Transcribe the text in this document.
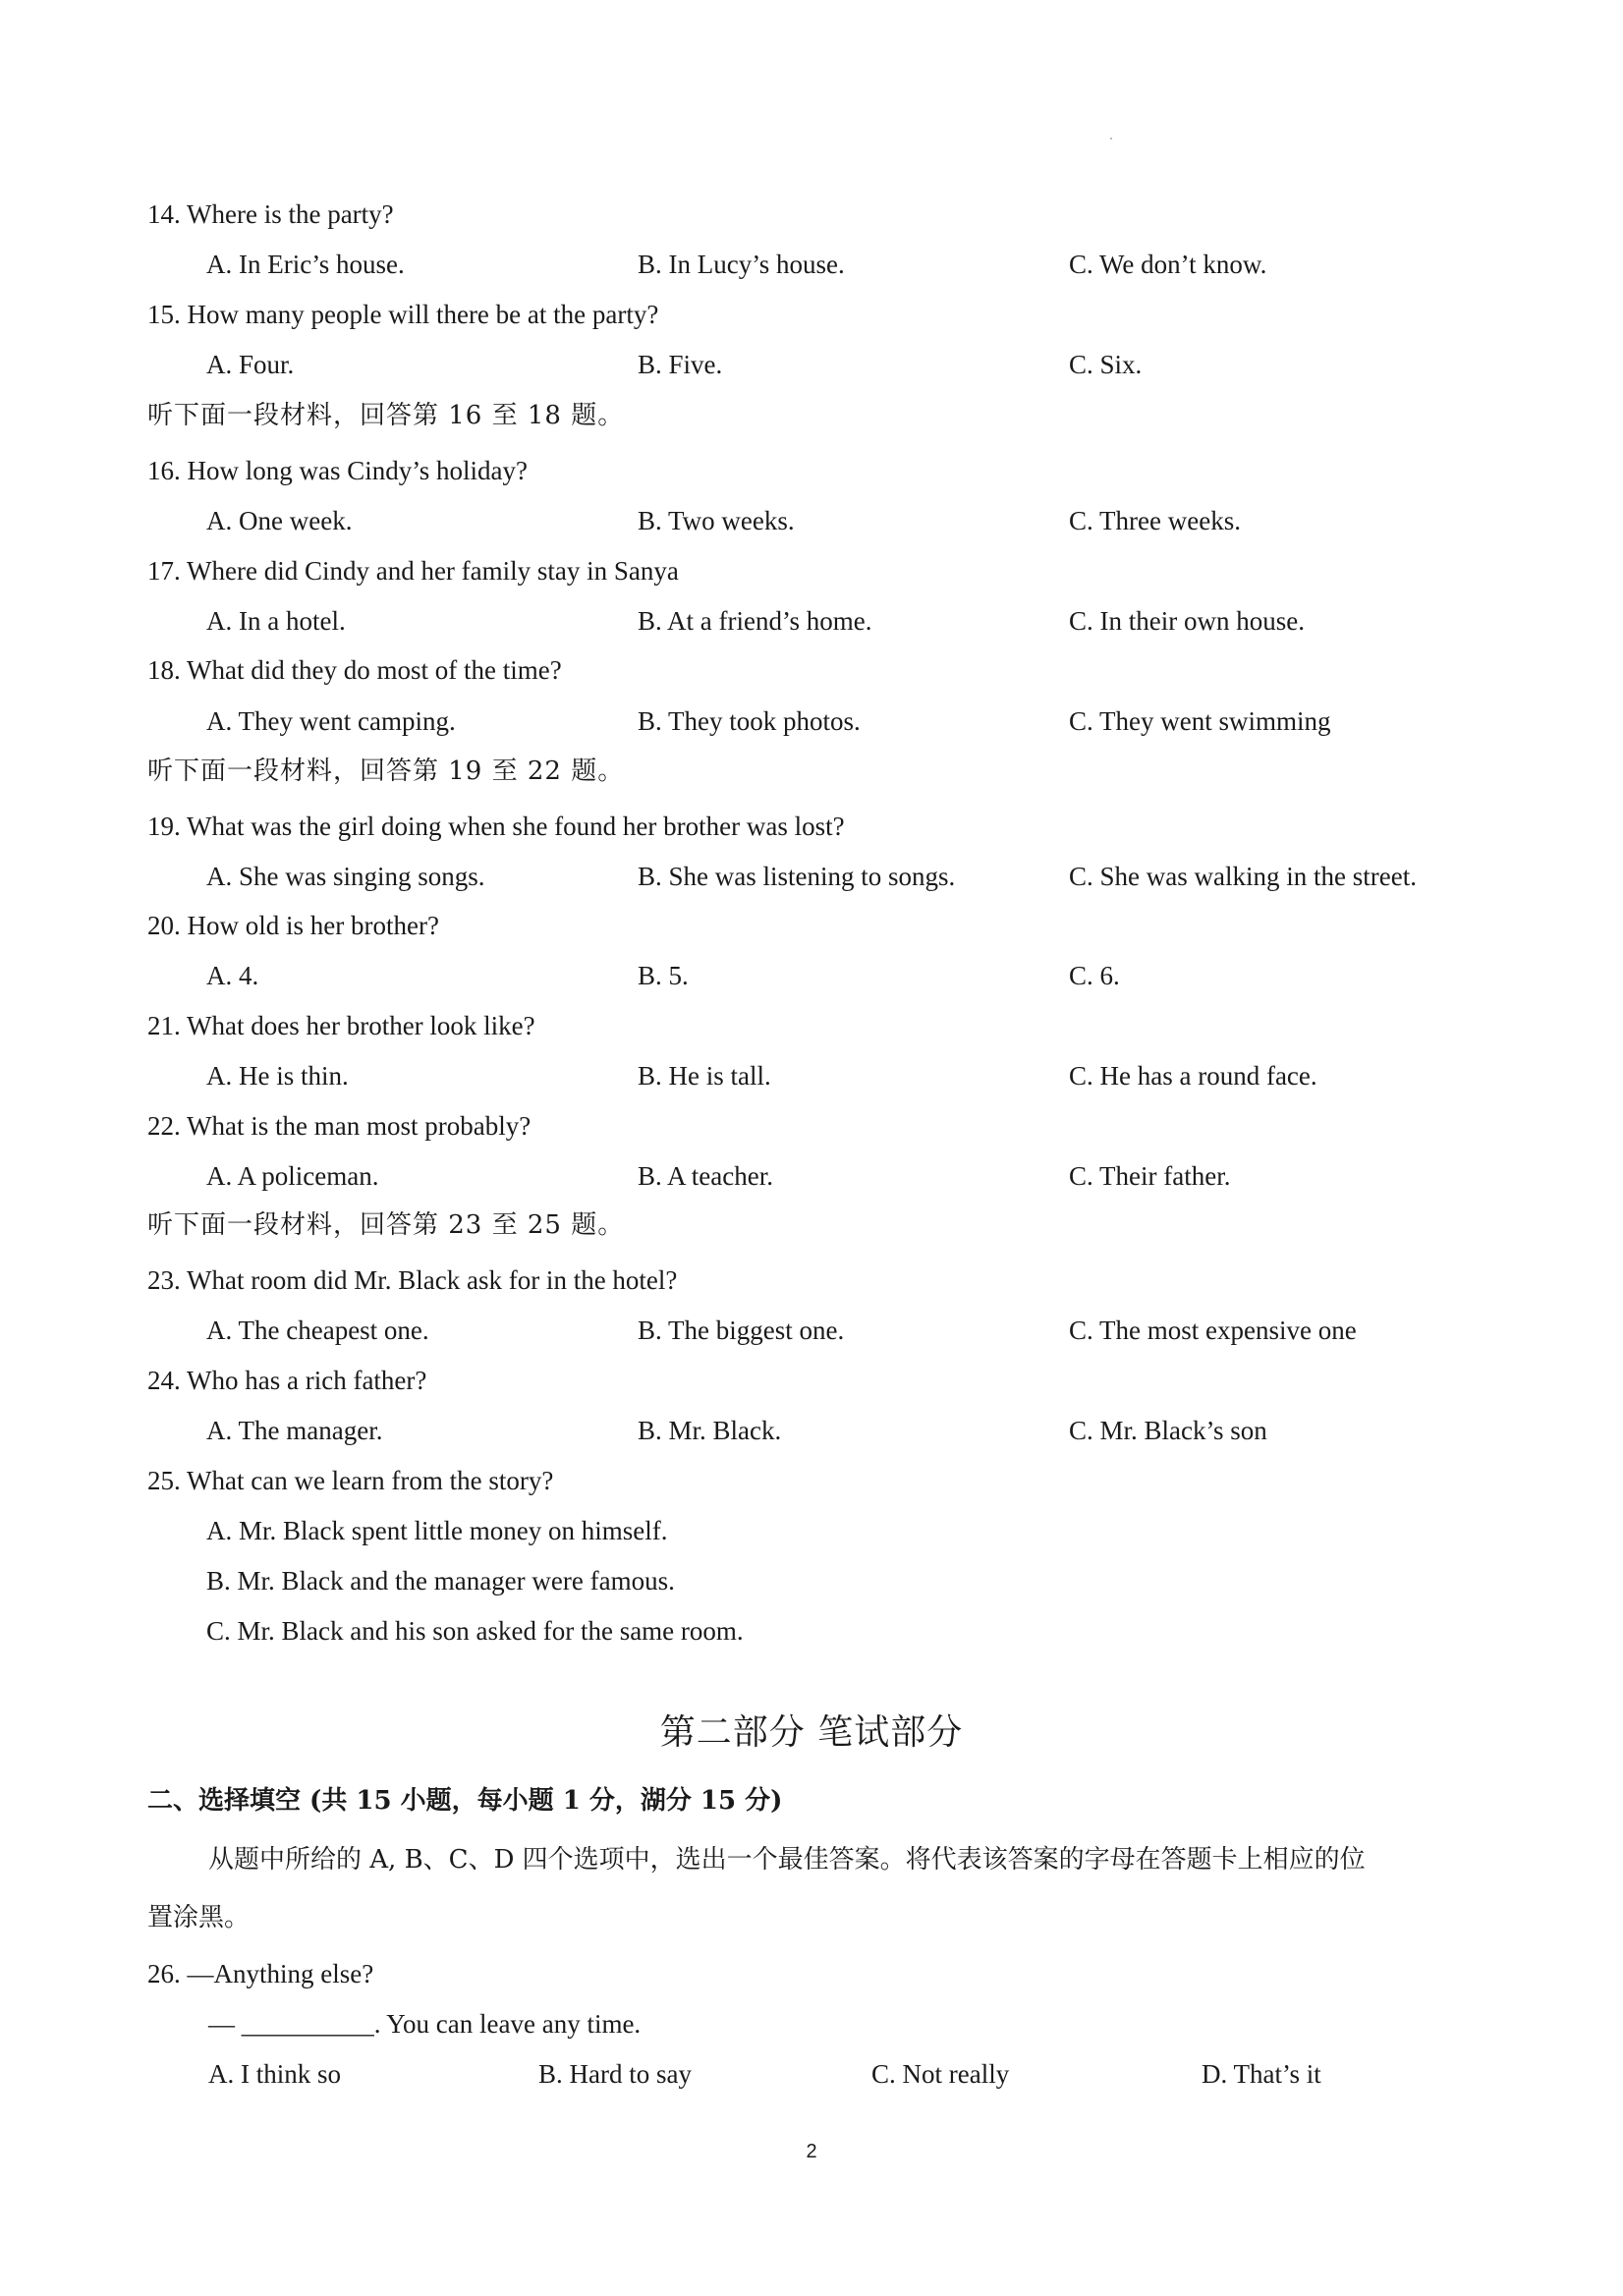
14. Where is the party?
A. In Eric’s house.	B. In Lucy’s house.	C. We don’t know.
15. How many people will there be at the party?
A. Four.	B. Five.	C. Six.
听下面一段材料，回答第 16 至 18 题。
16. How long was Cindy’s holiday?
A. One week.	B. Two weeks.	C. Three weeks.
17. Where did Cindy and her family stay in Sanya
A. In a hotel.	B. At a friend’s home.	C. In their own house.
18. What did they do most of the time?
A. They went camping.	B. They took photos.	C. They went swimming
听下面一段材料，回答第 19 至 22 题。
19. What was the girl doing when she found her brother was lost?
A. She was singing songs.	B. She was listening to songs.	C. She was walking in the street.
20. How old is her brother?
A. 4.	B. 5.	C. 6.
21. What does her brother look like?
A. He is thin.	B. He is tall.	C. He has a round face.
22. What is the man most probably?
A. A policeman.	B. A teacher.	C. Their father.
听下面一段材料，回答第 23 至 25 题。
23. What room did Mr. Black ask for in the hotel?
A. The cheapest one.	B. The biggest one.	C. The most expensive one
24. Who has a rich father?
A. The manager.	B. Mr. Black.	C. Mr. Black’s son
25. What can we learn from the story?
A. Mr. Black spent little money on himself.
B. Mr. Black and the manager were famous.
C. Mr. Black and his son asked for the same room.
第二部分 笔试部分
二、选择填空 (共 15 小题，每小题 1 分，湖分 15 分)
从题中所给的 A, B、C、D 四个选项中，选出一个最佳答案。将代表该答案的字母在答题卡上相应的位
置涂黑。
26. —Anything else?
— __________. You can leave any time.
A. I think so	B. Hard to say	C. Not really	D. That’s it
2
